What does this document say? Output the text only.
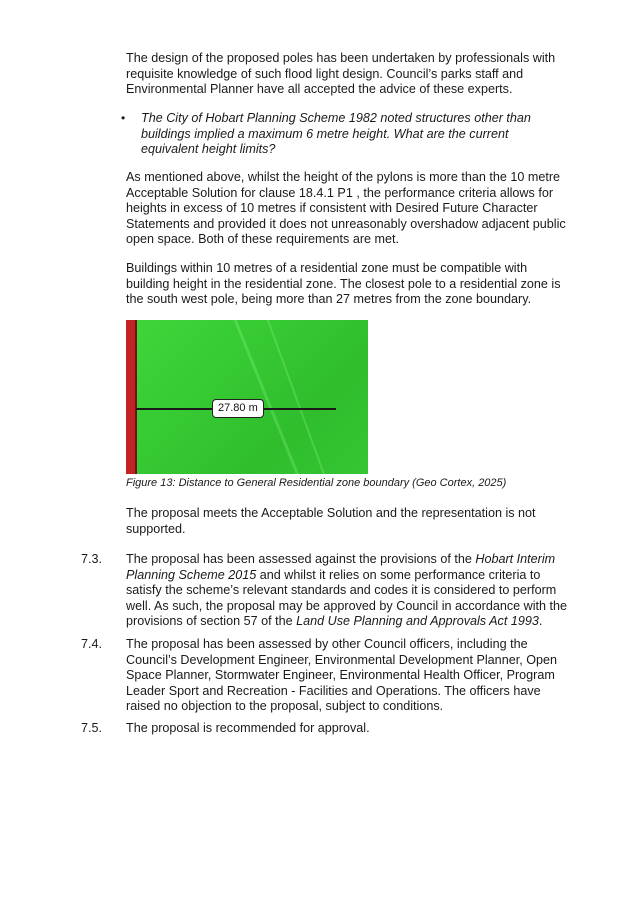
The design of the proposed poles has been undertaken by professionals with
requisite knowledge of such flood light design. Council’s parks staff and
Environmental Planner have all accepted the advice of these experts.

• The City of Hobart Planning Scheme 1982 noted structures other than
buildings implied a maximum 6 metre height. What are the current
equivalent height limits?

As mentioned above, whilst the height of the pylons is more than the 10 metre
Acceptable Solution for clause 18.4.1 P1 , the performance criteria allows for
heights in excess of 10 metres if consistent with Desired Future Character
Statements and provided it does not unreasonably overshadow adjacent public
open space. Both of these requirements are met.

Buildings within 10 metres of a residential zone must be compatible with
building height in the residential zone. The closest pole to a residential zone is
the south west pole, being more than 27 metres from the zone boundary.

27.80 m
Figure 13: Distance to General Residential zone boundary (Geo Cortex, 2025)

The proposal meets the Acceptable Solution and the representation is not
supported.

7.3. The proposal has been assessed against the provisions of the Hobart Interim
Planning Scheme 2015 and whilst it relies on some performance criteria to
satisfy the scheme’s relevant standards and codes it is considered to perform
well. As such, the proposal may be approved by Council in accordance with the
provisions of section 57 of the Land Use Planning and Approvals Act 1993.

7.4. The proposal has been assessed by other Council officers, including the
Council’s Development Engineer, Environmental Development Planner, Open
Space Planner, Stormwater Engineer, Environmental Health Officer, Program
Leader Sport and Recreation - Facilities and Operations. The officers have
raised no objection to the proposal, subject to conditions.

7.5. The proposal is recommended for approval.
